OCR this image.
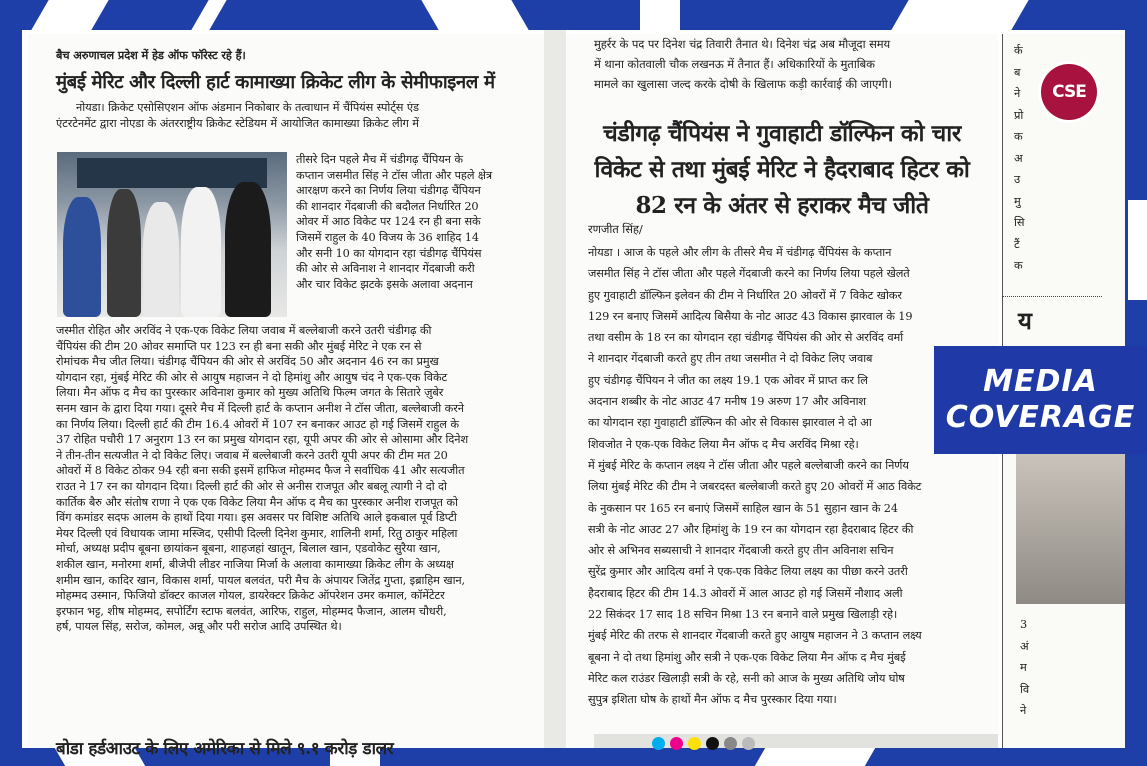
बैच अरुणाचल प्रदेश में हेड ऑफ फॉरेस्ट रहे हैं।
मुंबई मेरिट और दिल्ली हार्ट कामाख्या क्रिकेट लीग के सेमीफाइनल में
नोयडा। क्रिकेट एसोसिएशन ऑफ अंडमान निकोबार के तत्वाधान में चैंपियंस स्पोर्ट्स एंड
एंटरटेनमेंट द्वारा नोएडा के अंतरराष्ट्रीय क्रिकेट स्टेडियम में आयोजित कामाख्या क्रिकेट लीग में
तीसरे दिन पहले मैच में चंडीगढ़ चैंपियन के
कप्तान जसमीत सिंह ने टॉस जीता और पहले क्षेत्र
आरक्षण करने का निर्णय लिया चंडीगढ़ चैंपियन
की शानदार गेंदबाजी की बदौलत निर्धारित 20
ओवर में आठ विकेट पर 124 रन ही बना सके
जिसमें राहुल के 40 विजय के 36 शाहिद 14
और सनी 10 का योगदान रहा चंडीगढ़ चैंपियंस
की ओर से अविनाश ने शानदार गेंदबाजी करी
और चार विकेट झटके इसके अलावा अदनान
जस्मीत रोहित और अरविंद ने एक-एक विकेट लिया जवाब में बल्लेबाजी करने उतरी चंडीगढ़ की
चैंपियंस की टीम 20 ओवर समाप्ति पर 123 रन ही बना सकी और मुंबई मेरिट ने एक रन से
रोमांचक मैच जीत लिया। चंडीगढ़ चैंपियन की ओर से अरविंद 50 और अदनान 46 रन का प्रमुख
योगदान रहा, मुंबई मेरिट की ओर से आयुष महाजन ने दो हिमांशु और आयुष चंद ने एक-एक विकेट
लिया। मैन ऑफ द मैच का पुरस्कार अविनाश कुमार को मुख्य अतिथि फिल्म जगत के सितारे ज़ुबेर
सनम खान के द्वारा दिया गया। दूसरे मैच में दिल्ली हार्ट के कप्तान अनीश ने टॉस जीता, बल्लेबाजी करने
का निर्णय लिया। दिल्ली हार्ट की टीम 16.4 ओवरों में 107 रन बनाकर आउट हो गई जिसमें राहुल के
37 रोहित पचौरी 17 अनुराग 13 रन का प्रमुख योगदान रहा, यूपी अपर की ओर से ओसामा और दिनेश
ने तीन-तीन सत्यजीत ने दो विकेट लिए। जवाब में बल्लेबाजी करने उतरी यूपी अपर की टीम मत 20
ओवरों में 8 विकेट ठोकर 94 रही बना सकी इसमें हाफिज मोहम्मद फैज ने सर्वाधिक 41 और सत्यजीत
राउत ने 17 रन का योगदान दिया। दिल्ली हार्ट की ओर से अनीस राजपूत और बबलू त्यागी ने दो दो
कार्तिक बैरु और संतोष राणा ने एक एक विकेट लिया मैन ऑफ द मैच का पुरस्कार अनीश राजपूत को
विंग कमांडर सदफ आलम के हाथों दिया गया। इस अवसर पर विशिष्ट अतिथि आले इकबाल पूर्व डिप्टी
मेयर दिल्ली एवं विधायक जामा मस्जिद, एसीपी दिल्ली दिनेश कुमार, शालिनी शर्मा, रितु ठाकुर महिला
मोर्चा, अध्यक्ष प्रदीप बूबना छायांकन बूबना, शाहजहां खातून, बिलाल खान, एडवोकेट सुरैया खान,
शकील खान, मनोरमा शर्मा, बीजेपी लीडर नाजिया मिर्जा के अलावा कामाख्या क्रिकेट लीग के अध्यक्ष
शमीम खान, कादिर खान, विकास शर्मा, पायल बलवंत, परी मैच के अंपायर जितेंद्र गुप्ता, इब्राहिम खान,
मोहम्मद उस्मान, फिजियो डॉक्टर काजल गोयल, डायरेक्टर क्रिकेट ऑपरेशन उमर कमाल, कॉमेंटेटर
इरफान भट्ट, शीष मोहम्मद, सपोर्टिंग स्टाफ बलवंत, आरिफ, राहुल, मोहम्मद फैजान, आलम चौधरी,
हर्ष, पायल सिंह, सरोज, कोमल, अन्नू और परी सरोज आदि उपस्थित थे।
बोडा हर्डआउट के लिए अमेरिका से मिले ९.१ करोड़ डालर
मुहर्रर के पद पर दिनेश चंद्र तिवारी तैनात थे। दिनेश चंद्र अब मौजूदा समय
में थाना कोतवाली चौक लखनऊ में तैनात हैं। अधिकारियों के मुताबिक
मामले का खुलासा जल्द करके दोषी के खिलाफ कड़ी कार्रवाई की जाएगी।
चंडीगढ़ चैंपियंस ने गुवाहाटी डॉल्फिन को चार
विकेट से तथा मुंबई मेरिट ने हैदराबाद हिटर को
82 रन के अंतर से हराकर मैच जीते
रणजीत सिंह/
नोयडा । आज के पहले और लीग के तीसरे मैच में चंडीगढ़ चैंपियंस के कप्तान
जसमीत सिंह ने टॉस जीता और पहले गेंदबाजी करने का निर्णय लिया पहले खेलते
हुए गुवाहाटी डॉल्फिन इलेवन की टीम ने निर्धारित 20 ओवरों में 7 विकेट खोकर
129 रन बनाए जिसमें आदित्य बिसैया के नोट आउट 43 विकास झारवाल के 19
तथा वसीम के 18 रन का योगदान रहा चंडीगढ़ चैंपियंस की ओर से अरविंद वर्मा
ने शानदार गेंदबाजी करते हुए तीन तथा जसमीत ने दो विकेट लिए जवाब
हुए चंडीगढ़ चैंपियन ने जीत का लक्ष्य 19.1 एक ओवर में प्राप्त कर लि
अदनान शब्बीर के नोट आउट 47 मनीष 19 अरुण 17 और अविनाश
का योगदान रहा गुवाहाटी डॉल्फिन की ओर से विकास झारवाल ने दो आ
शिवजोत ने एक-एक विकेट लिया मैन ऑफ द मैच अरविंद मिश्रा रहे।
में मुंबई मेरिट के कप्तान लक्ष्य ने टॉस जीता और पहले बल्लेबाजी करने का निर्णय
लिया मुंबई मेरिट की टीम ने जबरदस्त बल्लेबाजी करते हुए 20 ओवरों में आठ विकेट
के नुकसान पर 165 रन बनाएं जिसमें साहिल खान के 51 सुहान खान के 24
सत्री के नोट आउट 27 और हिमांशु के 19 रन का योगदान रहा हैदराबाद हिटर की
ओर से अभिनव सब्यसाची ने शानदार गेंदबाजी करते हुए तीन अविनाश सचिन
सुरेंद्र कुमार और आदित्य वर्मा ने एक-एक विकेट लिया लक्ष्य का पीछा करने उतरी
हैदराबाद हिटर की टीम 14.3 ओवरों में आल आउट हो गई जिसमें नौशाद अली
22 सिकंदर 17 साद 18 सचिन मिश्रा 13 रन बनाने वाले प्रमुख खिलाड़ी रहे।
मुंबई मेरिट की तरफ से शानदार गेंदबाजी करते हुए आयुष महाजन ने 3 कप्तान लक्ष्य
बूबना ने दो तथा हिमांशु और सत्री ने एक-एक विकेट लिया मैन ऑफ द मैच मुंबई
मेरिट कल राउंडर खिलाड़ी सत्री के रहे, सनी को आज के मुख्य अतिथि जोय घोष
सुपुत्र इशिता घोष के हाथों मैन ऑफ द मैच पुरस्कार दिया गया।
र्क
ब
ने
प्रो
क
अ
उ
मु
सि
टैं
क
य
3
अं
म
वि
ने
CSE
MEDIA
COVERAGE
